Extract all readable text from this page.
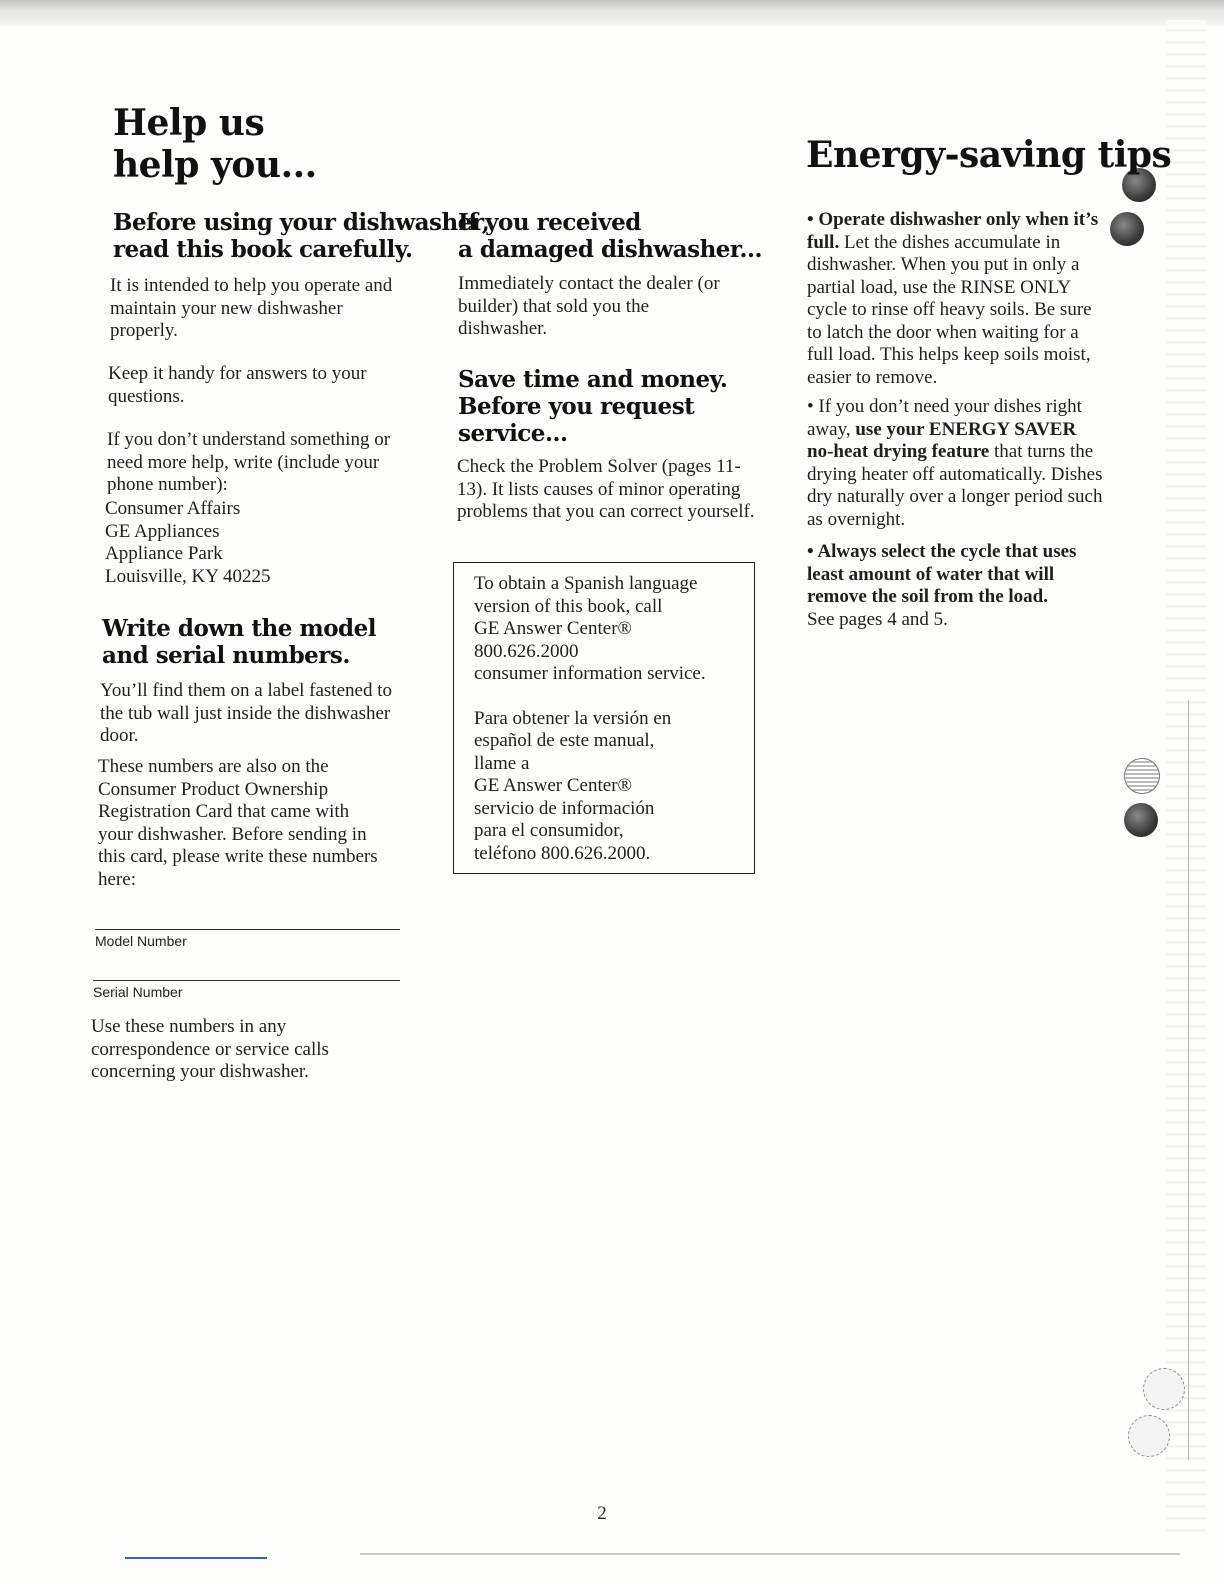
Help us
help you...	Energy-saving tips
Before using your dishwasher,
read this book carefully.

It is intended to help you operate and maintain your new dishwasher properly.

Keep it handy for answers to your questions.

If you don’t understand something or need more help, write (include your phone number):

Consumer Affairs

GE Appliances

Appliance Park

Louisville, KY 40225

Write down the model
and serial numbers.

You’ll find them on a label fastened to the tub wall just inside the dishwasher door.

These numbers are also on the Consumer Product Ownership Registration Card that came with your dishwasher. Before sending in this card, please write these numbers here:

Model Number

Serial Number

Use these numbers in any correspondence or service calls concerning your dishwasher.

If you received
a damaged dishwasher...

Immediately contact the dealer (or builder) that sold you the dishwasher.

Save time and money.
Before you request
service...

Check the Problem Solver (pages 11-13). It lists causes of minor operating problems that you can correct yourself.

To obtain a Spanish language

version of this book, call

GE Answer Center®

800.626.2000

consumer information service.

Para obtener la versión en

español de este manual,

llame a

GE Answer Center®

servicio de información

para el consumidor,

teléfono 800.626.2000.

• Operate dishwasher only when it’s full. Let the dishes accumulate in dishwasher. When you put in only a partial load, use the RINSE ONLY cycle to rinse off heavy soils. Be sure to latch the door when waiting for a full load. This helps keep soils moist, easier to remove.

• If you don’t need your dishes right away, use your ENERGY SAVER no-heat drying feature that turns the drying heater off automatically. Dishes dry naturally over a longer period such as overnight.

• Always select the cycle that uses least amount of water that will remove the soil from the load.

See pages 4 and 5.

2
